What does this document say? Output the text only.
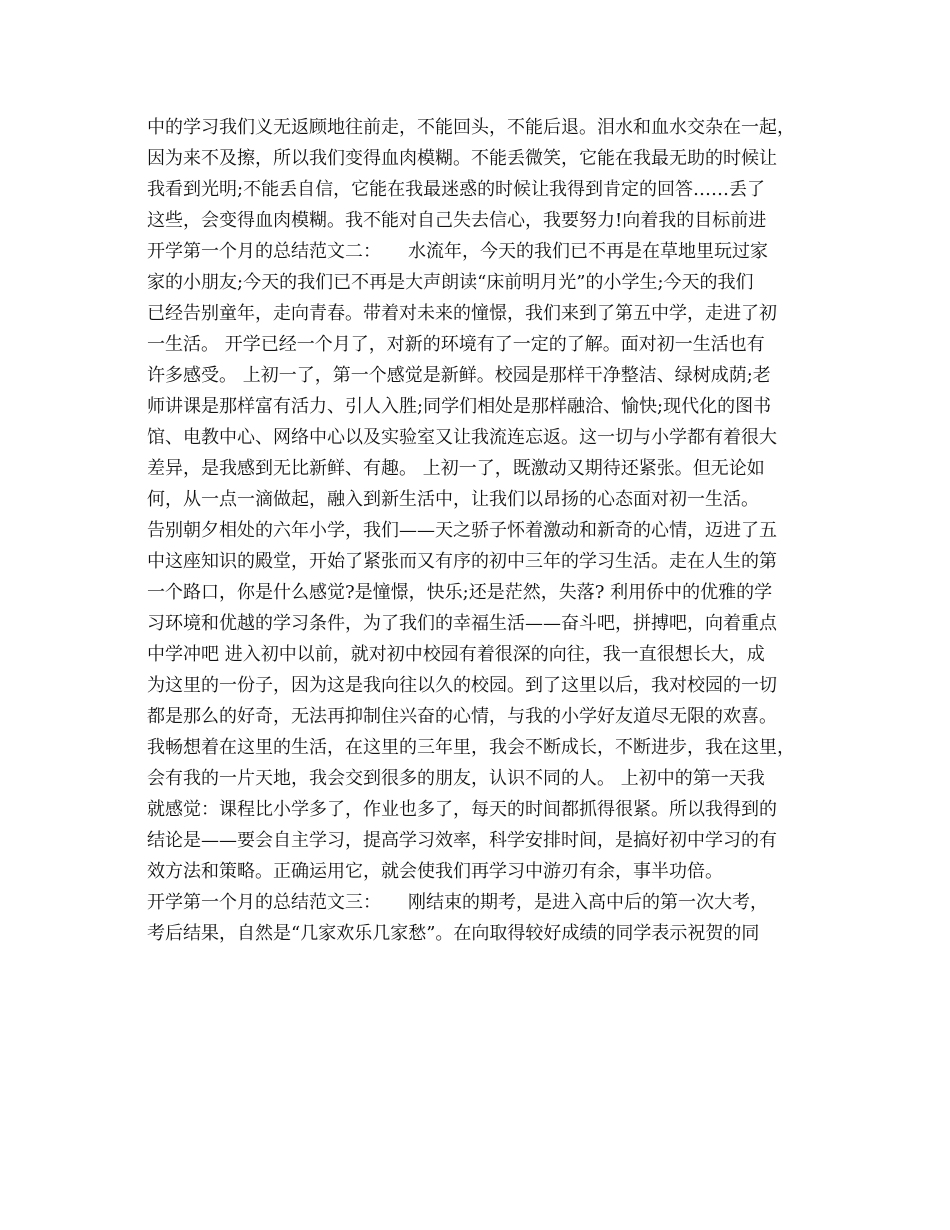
中的学习我们义无返顾地往前走，不能回头，不能后退。泪水和血水交杂在一起，
因为来不及擦，所以我们变得血肉模糊。不能丢微笑，它能在我最无助的时候让
我看到光明;不能丢自信，它能在我最迷惑的时候让我得到肯定的回答……丢了
这些，会变得血肉模糊。我不能对自己失去信心，我要努力!向着我的目标前进
开学第一个月的总结范文二：　　水流年，今天的我们已不再是在草地里玩过家
家的小朋友;今天的我们已不再是大声朗读“床前明月光”的小学生;今天的我们
已经告别童年，走向青春。带着对未来的憧憬，我们来到了第五中学，走进了初
一生活。 开学已经一个月了，对新的环境有了一定的了解。面对初一生活也有
许多感受。 上初一了，第一个感觉是新鲜。校园是那样干净整洁、绿树成荫;老
师讲课是那样富有活力、引人入胜;同学们相处是那样融洽、愉快;现代化的图书
馆、电教中心、网络中心以及实验室又让我流连忘返。这一切与小学都有着很大
差异，是我感到无比新鲜、有趣。 上初一了，既激动又期待还紧张。但无论如
何，从一点一滴做起，融入到新生活中，让我们以昂扬的心态面对初一生活。
告别朝夕相处的六年小学，我们——天之骄子怀着激动和新奇的心情，迈进了五
中这座知识的殿堂，开始了紧张而又有序的初中三年的学习生活。走在人生的第
一个路口，你是什么感觉?是憧憬，快乐;还是茫然，失落? 利用侨中的优雅的学
习环境和优越的学习条件，为了我们的幸福生活——奋斗吧，拼搏吧，向着重点
中学冲吧 进入初中以前，就对初中校园有着很深的向往，我一直很想长大，成
为这里的一份子，因为这是我向往以久的校园。到了这里以后，我对校园的一切
都是那么的好奇，无法再抑制住兴奋的心情，与我的小学好友道尽无限的欢喜。
我畅想着在这里的生活，在这里的三年里，我会不断成长，不断进步，我在这里，
会有我的一片天地，我会交到很多的朋友，认识不同的人。 上初中的第一天我
就感觉：课程比小学多了，作业也多了，每天的时间都抓得很紧。所以我得到的
结论是——要会自主学习，提高学习效率，科学安排时间，是搞好初中学习的有
效方法和策略。正确运用它，就会使我们再学习中游刃有余，事半功倍。
开学第一个月的总结范文三：　　刚结束的期考，是进入高中后的第一次大考，
考后结果，自然是“几家欢乐几家愁”。在向取得较好成绩的同学表示祝贺的同
